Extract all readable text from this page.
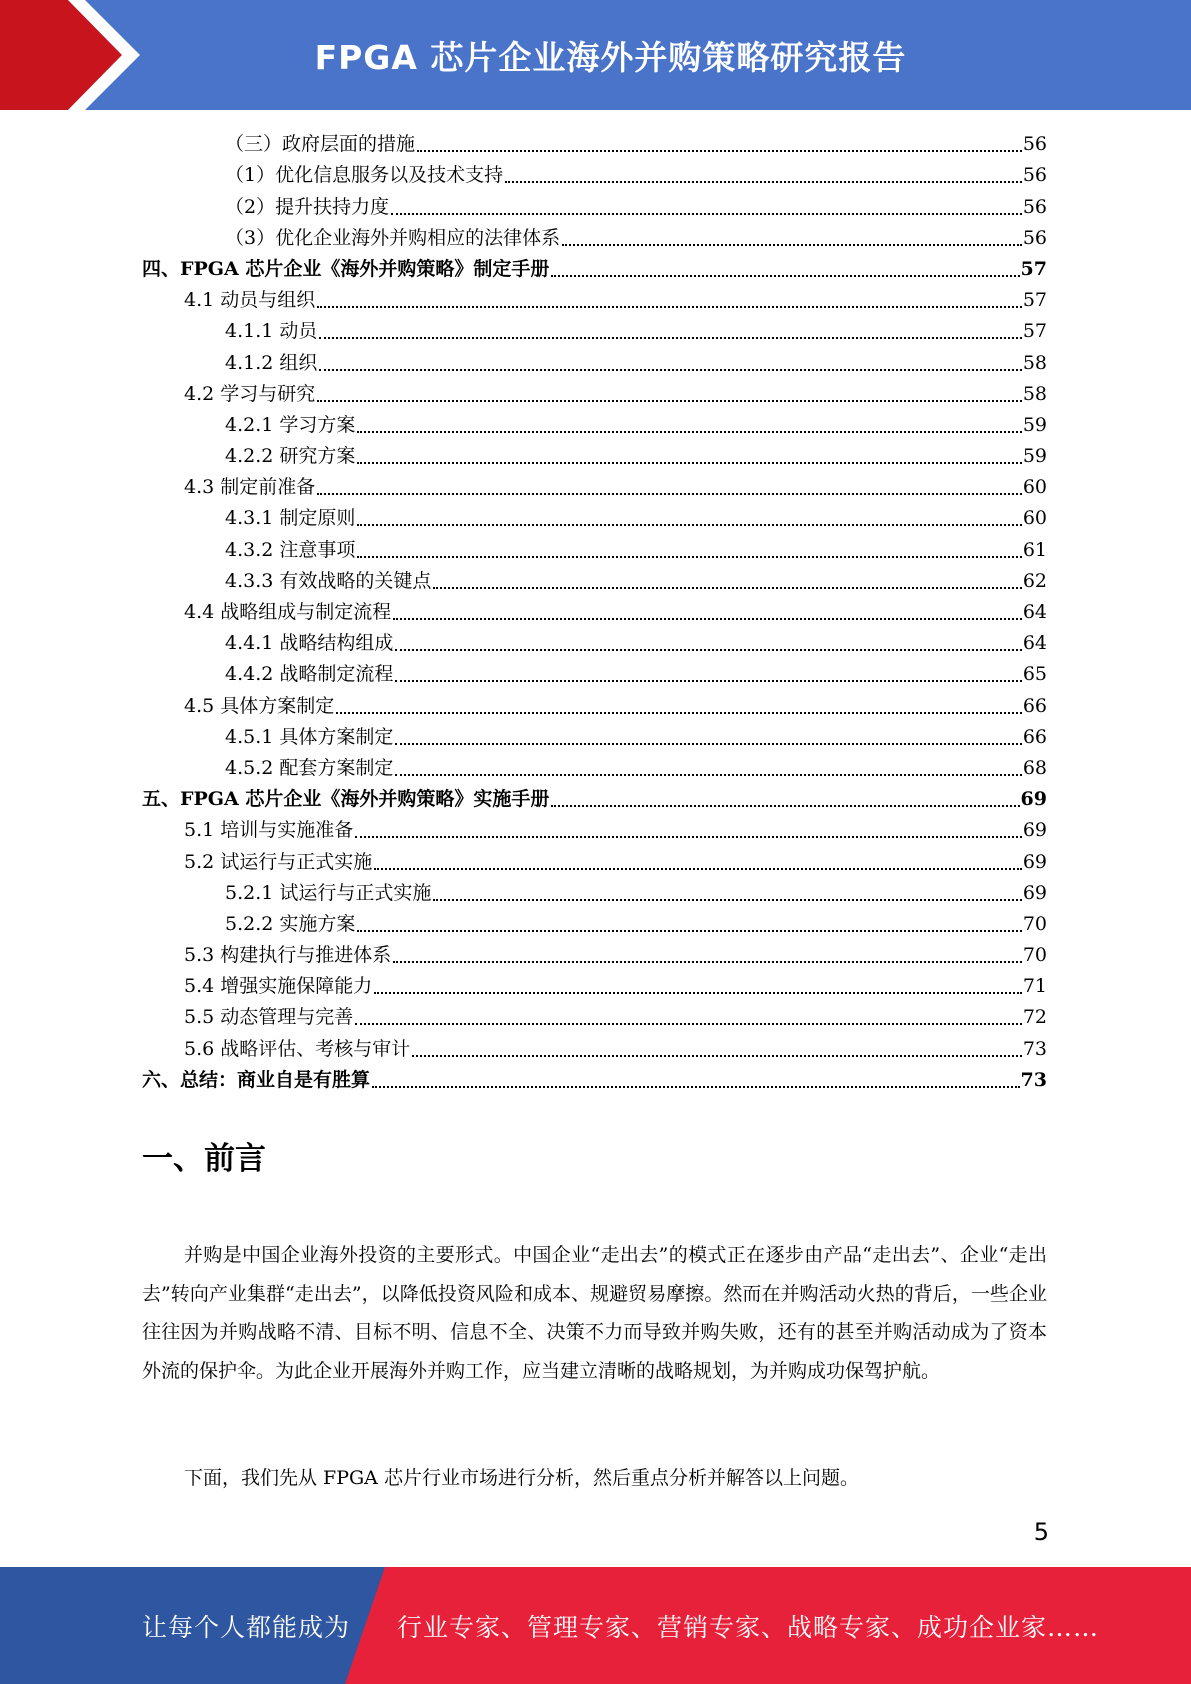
FPGA 芯片企业海外并购策略研究报告
（三）政府层面的措施	56
（1）优化信息服务以及技术支持	56
（2）提升扶持力度	56
（3）优化企业海外并购相应的法律体系	56
四、FPGA 芯片企业《海外并购策略》制定手册	57
4.1 动员与组织	57
4.1.1 动员	57
4.1.2 组织	58
4.2 学习与研究	58
4.2.1 学习方案	59
4.2.2 研究方案	59
4.3 制定前准备	60
4.3.1 制定原则	60
4.3.2 注意事项	61
4.3.3 有效战略的关键点	62
4.4 战略组成与制定流程	64
4.4.1 战略结构组成	64
4.4.2 战略制定流程	65
4.5 具体方案制定	66
4.5.1 具体方案制定	66
4.5.2 配套方案制定	68
五、FPGA 芯片企业《海外并购策略》实施手册	69
5.1 培训与实施准备	69
5.2 试运行与正式实施	69
5.2.1 试运行与正式实施	69
5.2.2 实施方案	70
5.3 构建执行与推进体系	70
5.4 增强实施保障能力	71
5.5 动态管理与完善	72
5.6 战略评估、考核与审计	73
六、总结：商业自是有胜算	73
一、前言
并购是中国企业海外投资的主要形式。中国企业“走出去”的模式正在逐步由产品“走出去”、企业“走出去”转向产业集群“走出去”，以降低投资风险和成本、规避贸易摩擦。然而在并购活动火热的背后，一些企业往往因为并购战略不清、目标不明、信息不全、决策不力而导致并购失败，还有的甚至并购活动成为了资本外流的保护伞。为此企业开展海外并购工作，应当建立清晰的战略规划，为并购成功保驾护航。
下面，我们先从 FPGA 芯片行业市场进行分析，然后重点分析并解答以上问题。
5
让每个人都能成为 行业专家、管理专家、营销专家、战略专家、成功企业家……
